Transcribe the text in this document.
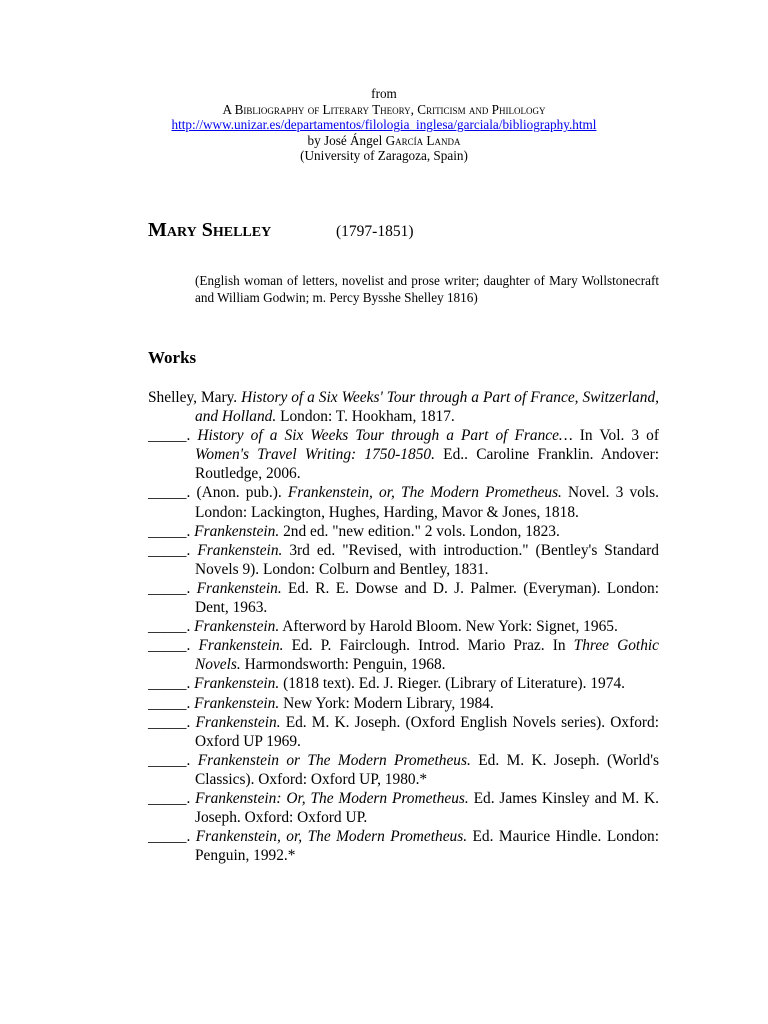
from
A Bibliography of Literary Theory, Criticism and Philology
http://www.unizar.es/departamentos/filologia_inglesa/garciala/bibliography.html
by José Ángel García Landa
(University of Zaragoza, Spain)
Mary Shelley	(1797-1851)
(English woman of letters, novelist and prose writer; daughter of Mary Wollstonecraft and William Godwin; m. Percy Bysshe Shelley 1816)
Works
Shelley, Mary. History of a Six Weeks' Tour through a Part of France, Switzerland, and Holland. London: T. Hookham, 1817.
_____. History of a Six Weeks Tour through a Part of France… In Vol. 3 of Women's Travel Writing: 1750-1850. Ed.. Caroline Franklin. Andover: Routledge, 2006.
_____. (Anon. pub.). Frankenstein, or, The Modern Prometheus. Novel. 3 vols. London: Lackington, Hughes, Harding, Mavor & Jones, 1818.
_____. Frankenstein. 2nd ed. "new edition." 2 vols. London, 1823.
_____. Frankenstein. 3rd ed. "Revised, with introduction." (Bentley's Standard Novels 9). London: Colburn and Bentley, 1831.
_____. Frankenstein. Ed. R. E. Dowse and D. J. Palmer. (Everyman). London: Dent, 1963.
_____. Frankenstein. Afterword by Harold Bloom. New York: Signet, 1965.
_____. Frankenstein. Ed. P. Fairclough. Introd. Mario Praz. In Three Gothic Novels. Harmondsworth: Penguin, 1968.
_____. Frankenstein. (1818 text). Ed. J. Rieger. (Library of Literature). 1974.
_____. Frankenstein. New York: Modern Library, 1984.
_____. Frankenstein. Ed. M. K. Joseph. (Oxford English Novels series). Oxford: Oxford UP 1969.
_____. Frankenstein or The Modern Prometheus. Ed. M. K. Joseph. (World's Classics). Oxford: Oxford UP, 1980.*
_____. Frankenstein: Or, The Modern Prometheus. Ed. James Kinsley and M. K. Joseph. Oxford: Oxford UP.
_____. Frankenstein, or, The Modern Prometheus. Ed. Maurice Hindle. London: Penguin, 1992.*
